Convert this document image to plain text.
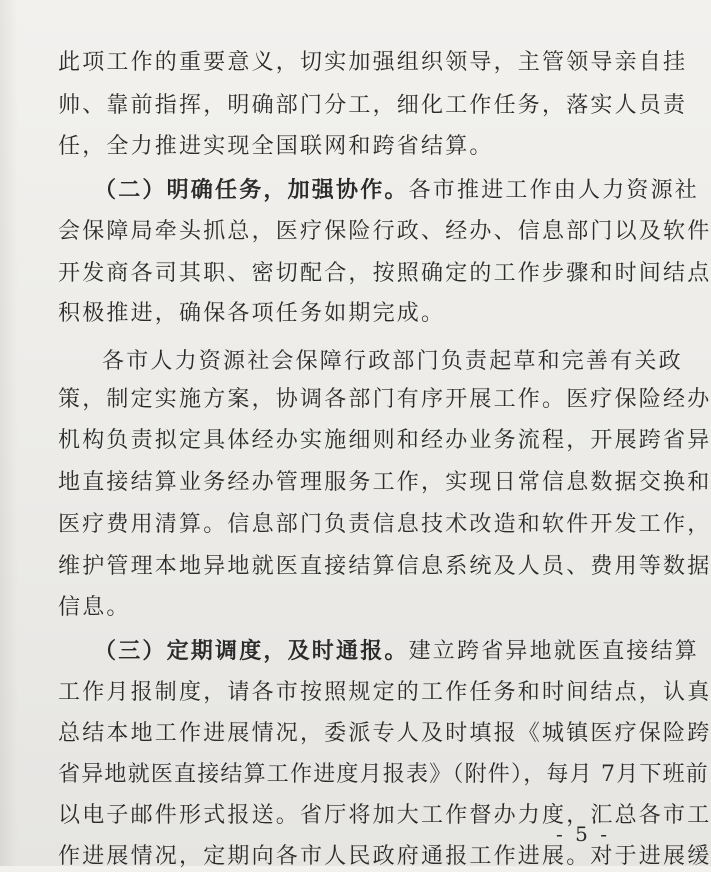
此项工作的重要意义，切实加强组织领导，主管领导亲自挂
帅、靠前指挥，明确部门分工，细化工作任务，落实人员责
任，全力推进实现全国联网和跨省结算。
（二）明确任务，加强协作。各市推进工作由人力资源社
会保障局牵头抓总，医疗保险行政、经办、信息部门以及软件
开发商各司其职、密切配合，按照确定的工作步骤和时间结点
积极推进，确保各项任务如期完成。
各市人力资源社会保障行政部门负责起草和完善有关政
策，制定实施方案，协调各部门有序开展工作。医疗保险经办
机构负责拟定具体经办实施细则和经办业务流程，开展跨省异
地直接结算业务经办管理服务工作，实现日常信息数据交换和
医疗费用清算。信息部门负责信息技术改造和软件开发工作，
维护管理本地异地就医直接结算信息系统及人员、费用等数据
信息。
（三）定期调度，及时通报。建立跨省异地就医直接结算
工作月报制度，请各市按照规定的工作任务和时间结点，认真
总结本地工作进展情况，委派专人及时填报《城镇医疗保险跨
省异地就医直接结算工作进度月报表》（附件），每月 7月下班前
以电子邮件形式报送。省厅将加大工作督办力度，汇总各市工
作进展情况，定期向各市人民政府通报工作进展。对于进展缓
- 5 -
